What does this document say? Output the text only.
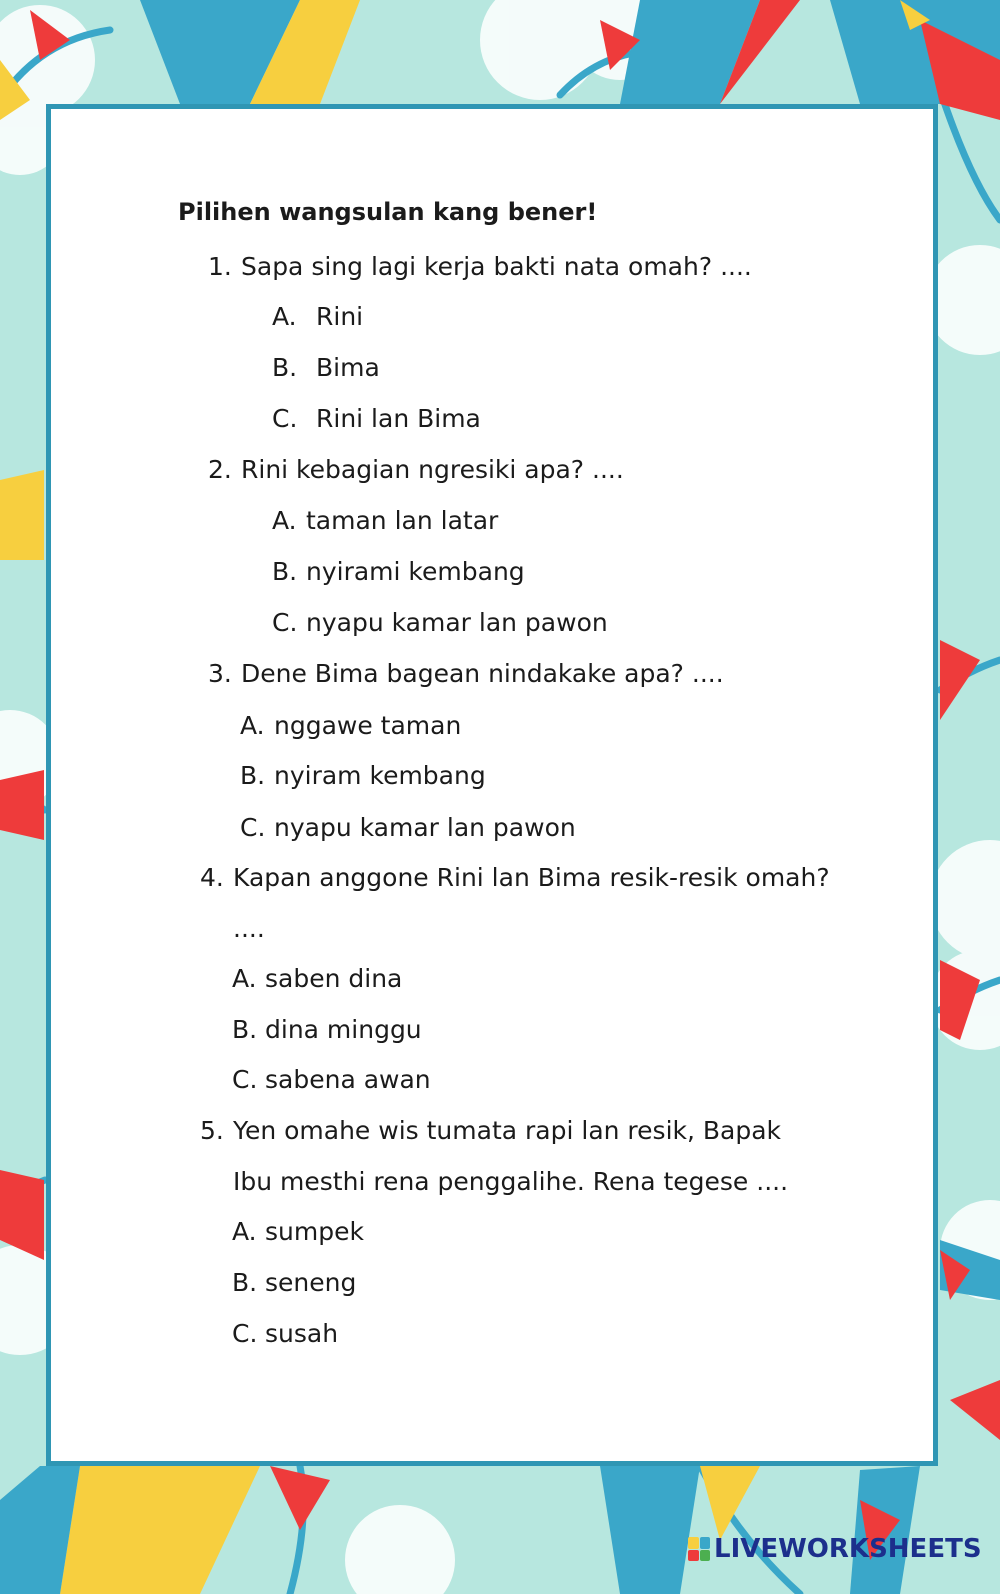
Pilihen wangsulan kang bener!
1. Sapa sing lagi kerja bakti nata omah? ....
A. Rini
B. Bima
C. Rini lan Bima
2. Rini kebagian ngresiki apa? ....
A. taman lan latar
B. nyirami kembang
C. nyapu kamar lan pawon
3. Dene Bima bagean nindakake apa? ....
A. nggawe taman
B. nyiram kembang
C. nyapu kamar lan pawon
4. Kapan anggone Rini lan Bima resik-resik omah?
....
A. saben dina
B. dina minggu
C. sabena awan
5. Yen omahe wis tumata rapi lan resik, Bapak
Ibu mesthi rena penggalihe. Rena tegese ....
A. sumpek
B. seneng
C. susah
LIVEWORKSHEETS
